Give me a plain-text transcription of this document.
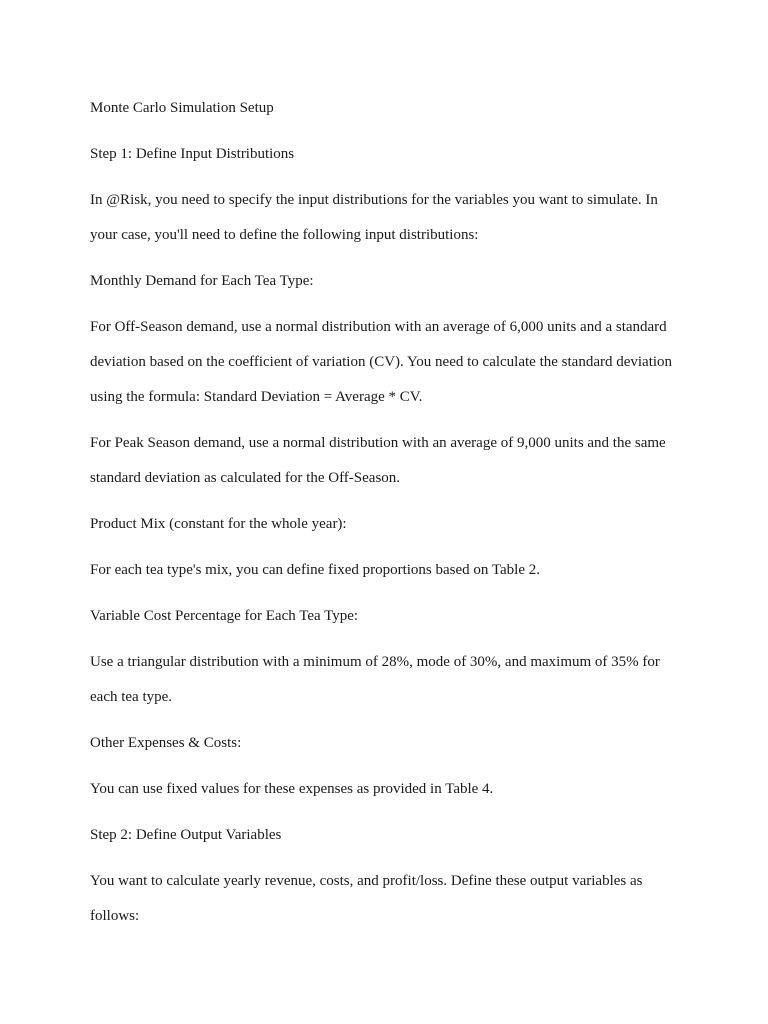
Monte Carlo Simulation Setup

Step 1: Define Input Distributions

In @Risk, you need to specify the input distributions for the variables you want to simulate. In your case, you'll need to define the following input distributions:

Monthly Demand for Each Tea Type:

For Off-Season demand, use a normal distribution with an average of 6,000 units and a standard deviation based on the coefficient of variation (CV). You need to calculate the standard deviation using the formula: Standard Deviation = Average * CV.

For Peak Season demand, use a normal distribution with an average of 9,000 units and the same standard deviation as calculated for the Off-Season.

Product Mix (constant for the whole year):

For each tea type's mix, you can define fixed proportions based on Table 2.

Variable Cost Percentage for Each Tea Type:

Use a triangular distribution with a minimum of 28%, mode of 30%, and maximum of 35% for each tea type.

Other Expenses & Costs:

You can use fixed values for these expenses as provided in Table 4.

Step 2: Define Output Variables

You want to calculate yearly revenue, costs, and profit/loss. Define these output variables as follows:
